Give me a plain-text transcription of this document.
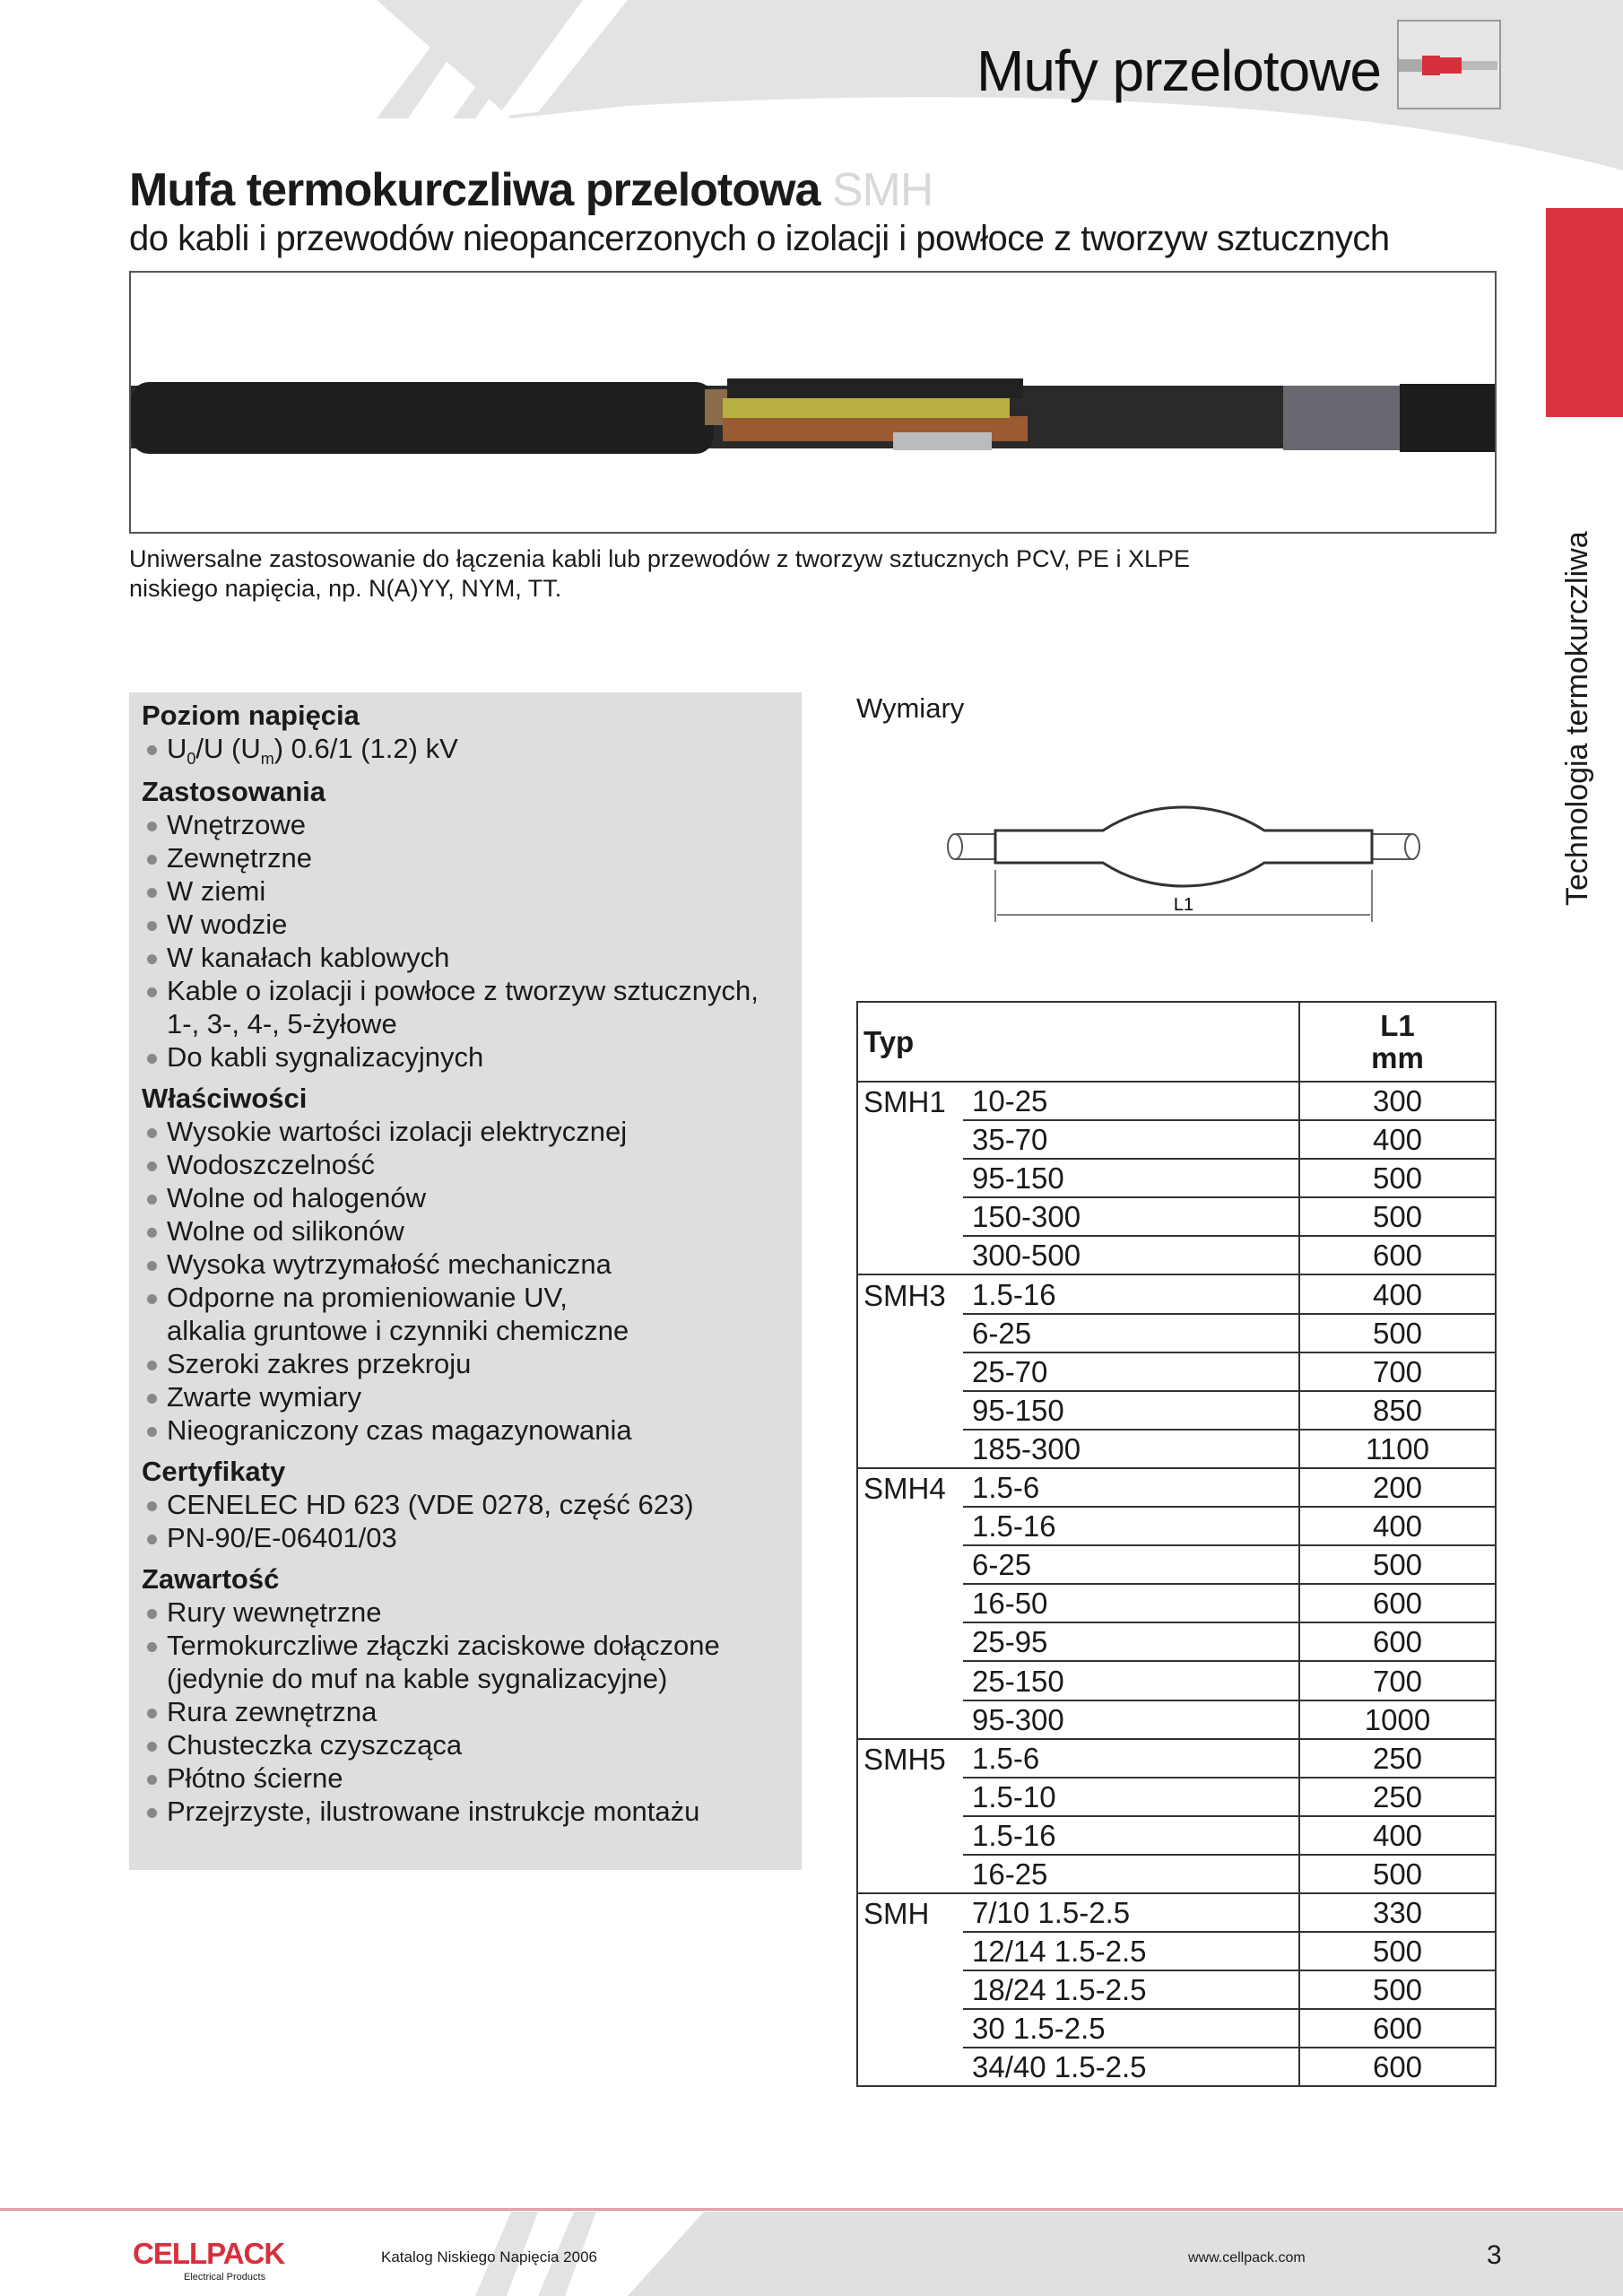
Mufy przelotowe
Mufa termokurczliwa przelotowa SMH
do kabli i przewodów nieopancerzonych o izolacji i powłoce z tworzyw sztucznych
Technologia termokurczliwa
Uniwersalne zastosowanie do łączenia kabli lub przewodów z tworzyw sztucznych PCV, PE i XLPE
niskiego napięcia, np. N(A)YY, NYM, TT.
Poziom napięcia
$U_0/U$ $(U_m)$ 0.6/1 (1.2) kV
Zastosowania
Wnętrzowe
Zewnętrzne
W ziemi
W wodzie
W kanałach kablowych
Kable o izolacji i powłoce z tworzyw sztucznych,
1-, 3-, 4-, 5-żyłowe
Do kabli sygnalizacyjnych
Właściwości
Wysokie wartości izolacji elektrycznej
Wodoszczelność
Wolne od halogenów
Wolne od silikonów
Wysoka wytrzymałość mechaniczna
Odporne na promieniowanie UV,
alkalia gruntowe i czynniki chemiczne
Szeroki zakres przekroju
Zwarte wymiary
Nieograniczony czas magazynowania
Certyfikaty
CENELEC HD 623 (VDE 0278, część 623)
PN-90/E-06401/03
Zawartość
Rury wewnętrzne
Termokurczliwe złączki zaciskowe dołączone
(jedynie do muf na kable sygnalizacyjne)
Rura zewnętrzna
Chusteczka czyszcząca
Płótno ścierne
Przejrzyste, ilustrowane instrukcje montażu
Wymiary
L1
Typ		L1
mm

SMH1	10-25	300
	35-70	400
	95-150	500
	150-300	500
	300-500	600
SMH3	1.5-16	400
	6-25	500
	25-70	700
	95-150	850
	185-300	1100
SMH4	1.5-6	200
	1.5-16	400
	6-25	500
	16-50	600
	25-95	600
	25-150	700
	95-300	1000
SMH5	1.5-6	250
	1.5-10	250
	1.5-16	400
	16-25	500
SMH	7/10 1.5-2.5	330
	12/14 1.5-2.5	500
	18/24 1.5-2.5	500
	30 1.5-2.5	600
	34/40 1.5-2.5	600
CELLPACK
Electrical Products
Katalog Niskiego Napięcia 2006	www.cellpack.com	3
